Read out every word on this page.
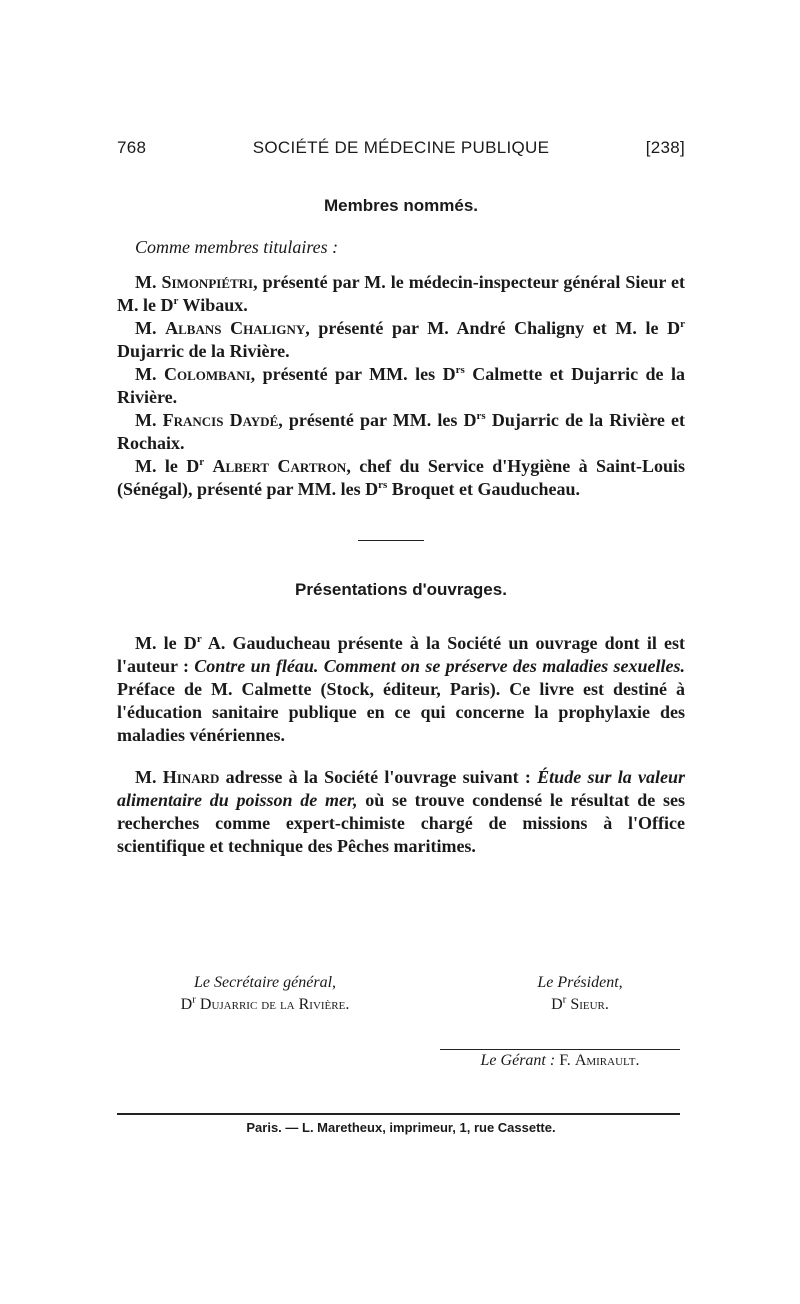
768	SOCIÉTÉ DE MÉDECINE PUBLIQUE	[238]
Membres nommés.

Comme membres titulaires :

M. Simonpiétri, présenté par M. le médecin-inspecteur général Sieur et M. le $D^r$ Wibaux.

M. Albans Chaligny, présenté par M. André Chaligny et M. le $D^r$ Dujarric de la Rivière.

M. Colombani, présenté par MM. les $D^{rs}$ Calmette et Dujarric de la Rivière.

M. Francis Daydé, présenté par MM. les $D^{rs}$ Dujarric de la Rivière et Rochaix.

M. le $D^r$ Albert Cartron, chef du Service d'Hygiène à Saint-Louis (Sénégal), présenté par MM. les $D^{rs}$ Broquet et Gauducheau.

Présentations d'ouvrages.

M. le $D^r$ A. Gauducheau présente à la Société un ouvrage dont il est l'auteur : Contre un fléau. Comment on se préserve des maladies sexuelles. Préface de M. Calmette (Stock, éditeur, Paris). Ce livre est destiné à l'éducation sanitaire publique en ce qui concerne la prophylaxie des maladies vénériennes.

M. Hinard adresse à la Société l'ouvrage suivant : Étude sur la valeur alimentaire du poisson de mer, où se trouve condensé le résultat de ses recherches comme expert-chimiste chargé de missions à l'Office scientifique et technique des Pêches maritimes.

Le Secrétaire général,
$D^r$ Dujarric de la Rivière.
Le Président,
$D^r$ Sieur.
Le Gérant : F. Amirault.
Paris. — L. Maretheux, imprimeur, 1, rue Cassette.
